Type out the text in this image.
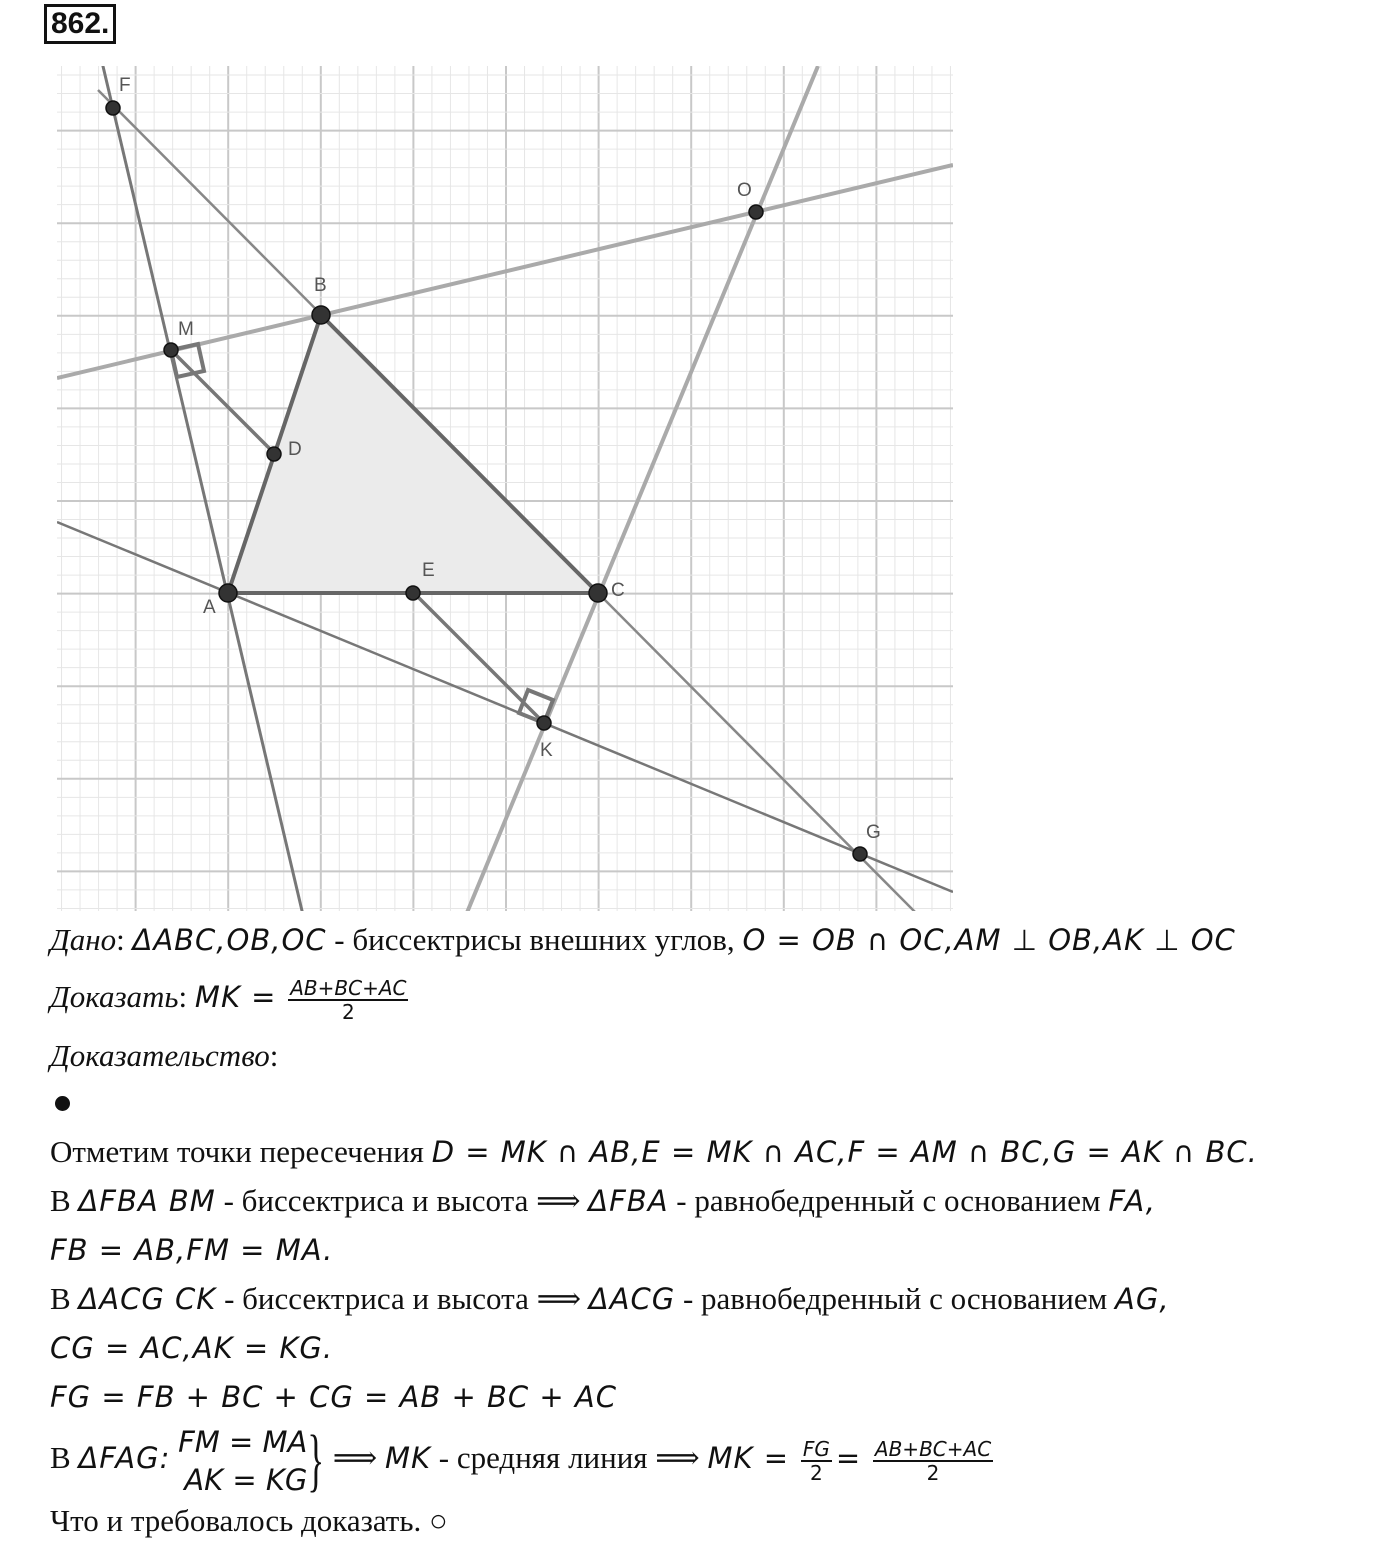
862.
F
O
B
M
D
E
A
C
K
G
Дано: ΔABC,OB,OC - биссектрисы внешних углов, O = OB ∩ OC,AM ⊥ OB,AK ⊥ OC
Доказать: MK = $\frac{AB+BC+AC}{2}$
Доказательство:
Отметим точки пересечения D = MK ∩ AB,E = MK ∩ AC,F = AM ∩ BC,G = AK ∩ BC.
В ΔFBA BM - биссектриса и высота ⟹ ΔFBA - равнобедренный с основанием FA,
FB = AB,FM = MA.
В ΔACG CK - биссектриса и высота ⟹ ΔACG - равнобедренный с основанием AG,
CG = AC,AK = KG.
FG = FB + BC + CG = AB + BC + AC
В ΔFAG: FM = MA
AK = KG } ⟹ MK - средняя линия ⟹ MK = $\frac{FG}{2} = \frac{AB+BC+AC}{2}$
Что и требовалось доказать. ○
